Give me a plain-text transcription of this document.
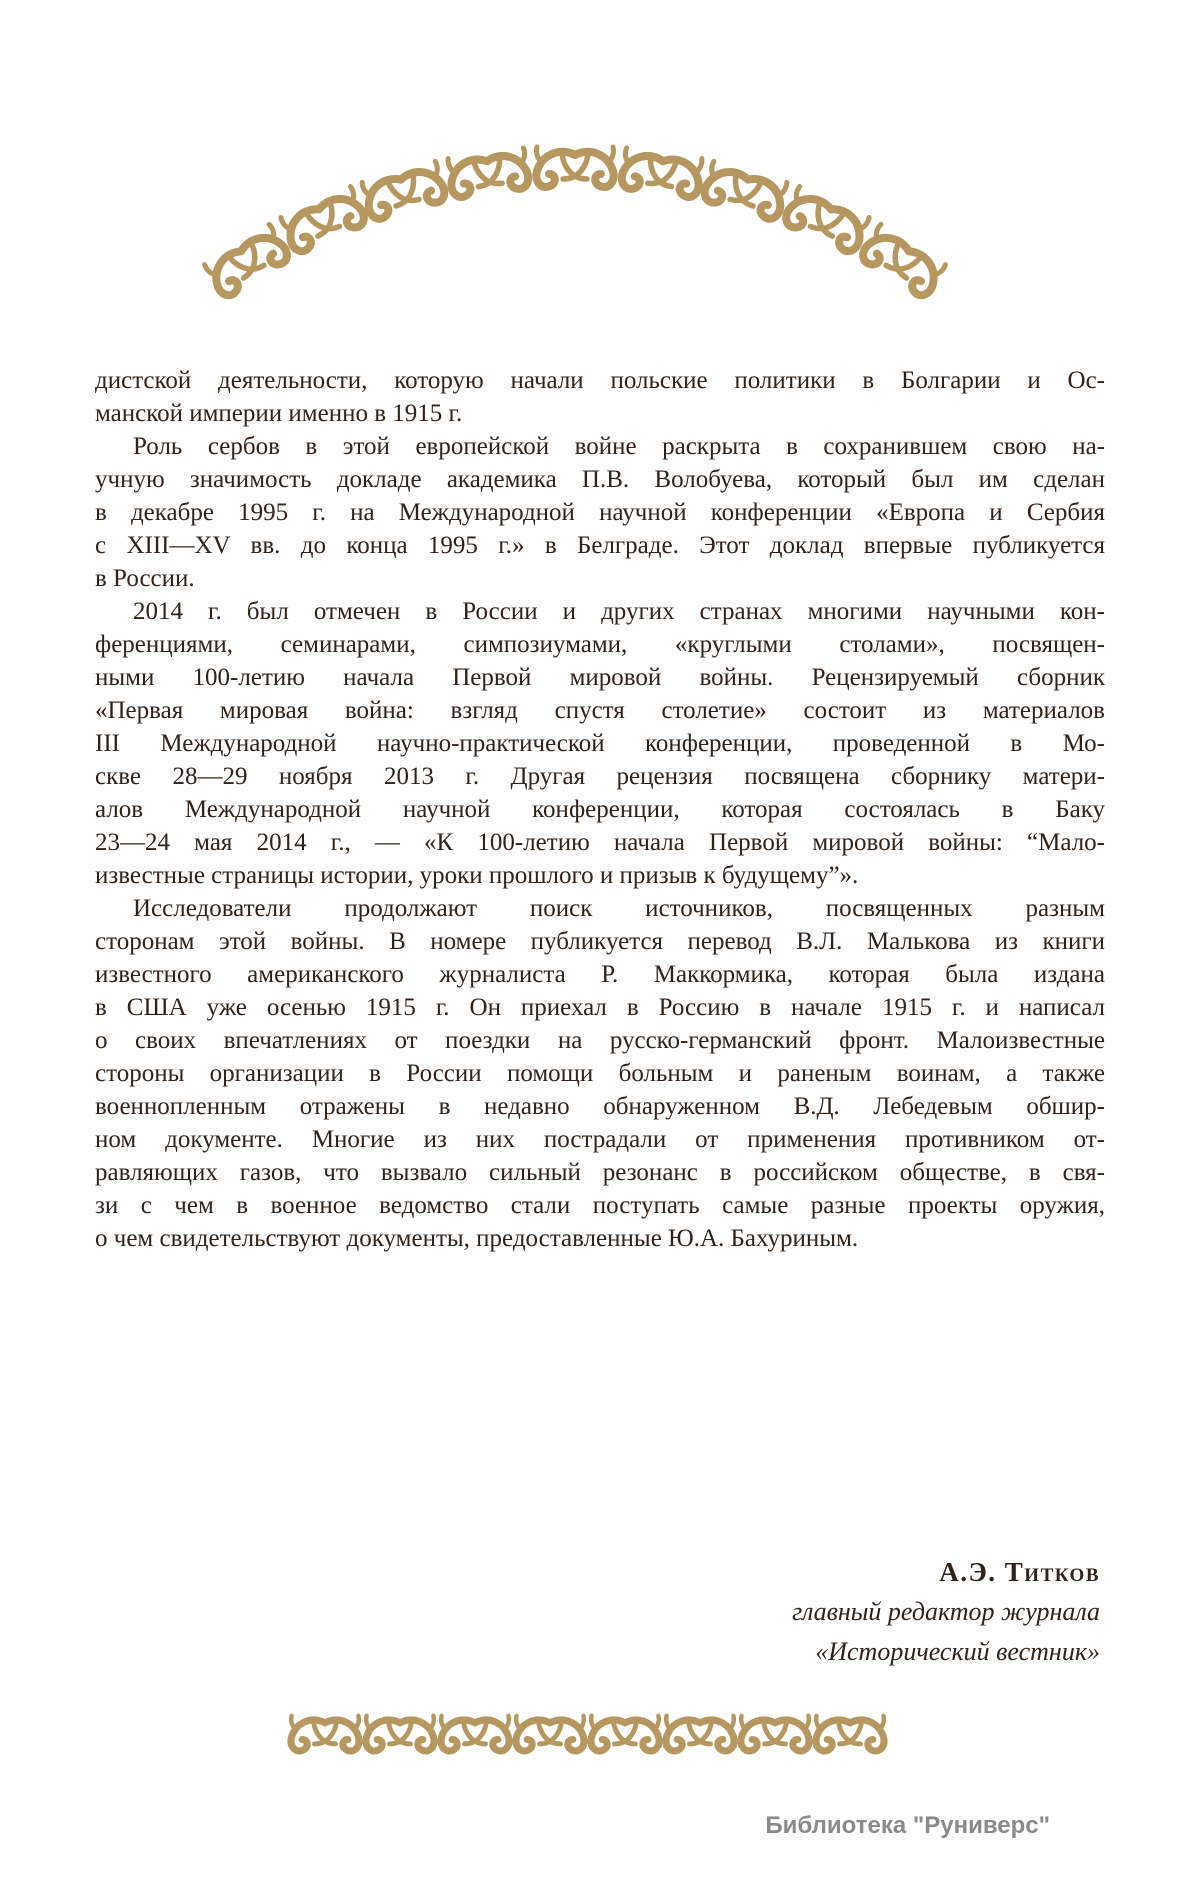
дистской деятельности, которую начали польские политики в Болгарии и Ос-
манской империи именно в 1915 г.
Роль сербов в этой европейской войне раскрыта в сохранившем свою на-
учную значимость докладе академика П.В. Волобуева, который был им сделан
в декабре 1995 г. на Международной научной конференции «Европа и Сербия
с XIII—XV вв. до конца 1995 г.» в Белграде. Этот доклад впервые публикуется
в России.
2014 г. был отмечен в России и других странах многими научными кон-
ференциями, семинарами, симпозиумами, «круглыми столами», посвящен-
ными 100-летию начала Первой мировой войны. Рецензируемый сборник
«Первая мировая война: взгляд спустя столетие» состоит из материалов
III Международной научно-практической конференции, проведенной в Мо-
скве 28—29 ноября 2013 г. Другая рецензия посвящена сборнику матери-
алов Международной научной конференции, которая состоялась в Баку
23—24 мая 2014 г., — «К 100-летию начала Первой мировой войны: “Мало-
известные страницы истории, уроки прошлого и призыв к будущему”».
Исследователи продолжают поиск источников, посвященных разным
сторонам этой войны. В номере публикуется перевод В.Л. Малькова из книги
известного американского журналиста Р. Маккормика, которая была издана
в США уже осенью 1915 г. Он приехал в Россию в начале 1915 г. и написал
о своих впечатлениях от поездки на русско-германский фронт. Малоизвестные
стороны организации в России помощи больным и раненым воинам, а также
военнопленным отражены в недавно обнаруженном В.Д. Лебедевым обшир-
ном документе. Многие из них пострадали от применения противником от-
равляющих газов, что вызвало сильный резонанс в российском обществе, в свя-
зи с чем в военное ведомство стали поступать самые разные проекты оружия,
о чем свидетельствуют документы, предоставленные Ю.А. Бахуриным.
А.Э. Титков
главный редактор журнала
«Исторический вестник»
Библиотека "Руниверс"
